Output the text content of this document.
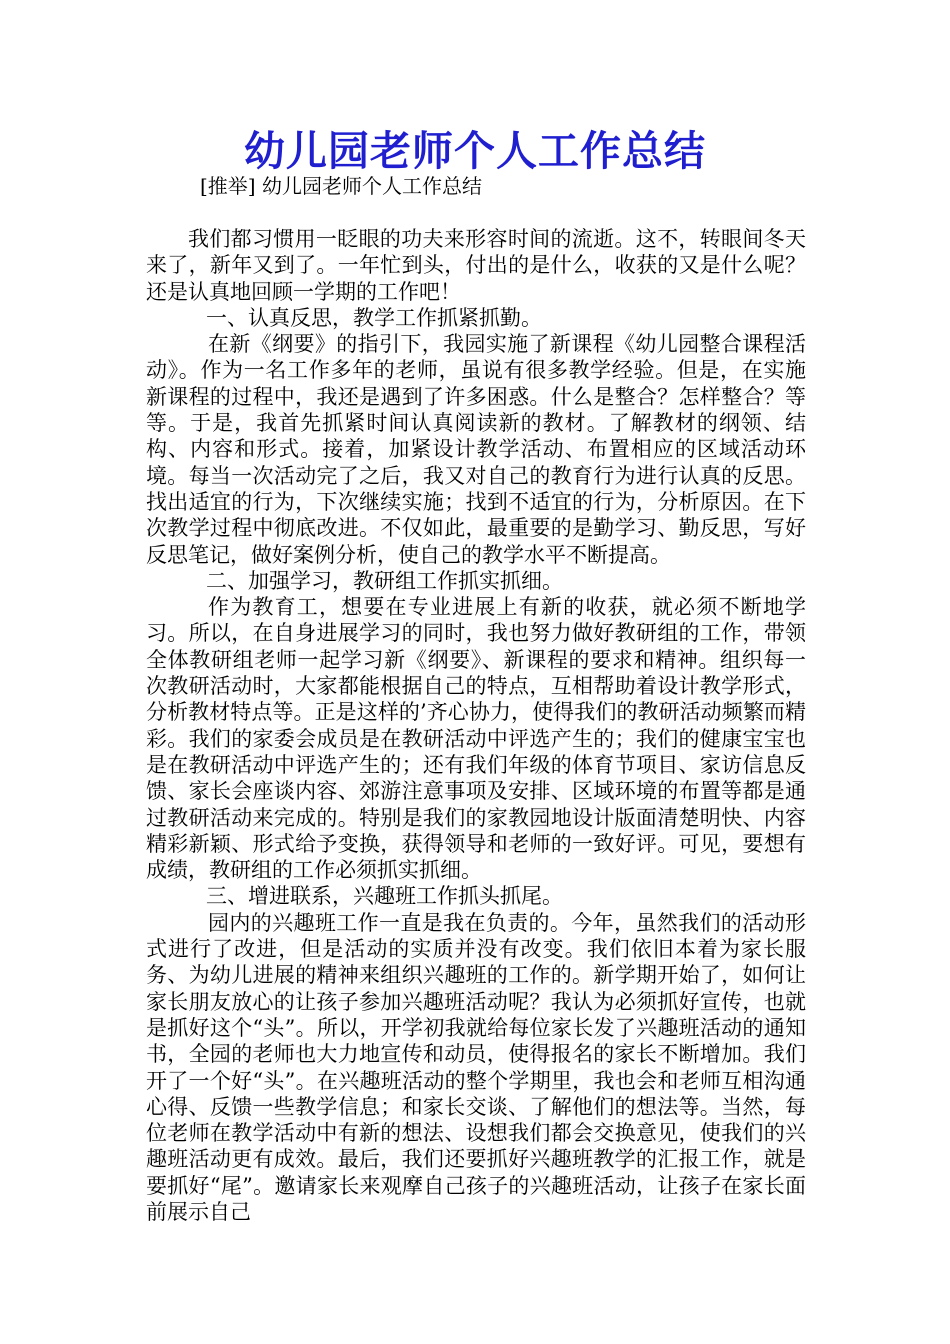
幼儿园老师个人工作总结
[推举] 幼儿园老师个人工作总结

我们都习惯用一眨眼的功夫来形容时间的流逝。这不，转眼间冬天来了，新年又到了。一年忙到头，付出的是什么，收获的又是什么呢？还是认真地回顾一学期的工作吧！

一、认真反思，教学工作抓紧抓勤。

在新《纲要》的指引下，我园实施了新课程《幼儿园整合课程活动》。作为一名工作多年的老师，虽说有很多教学经验。但是，在实施新课程的过程中，我还是遇到了许多困惑。什么是整合？怎样整合？等等。于是，我首先抓紧时间认真阅读新的教材。了解教材的纲领、结构、内容和形式。接着，加紧设计教学活动、布置相应的区域活动环境。每当一次活动完了之后，我又对自己的教育行为进行认真的反思。找出适宜的行为，下次继续实施；找到不适宜的行为，分析原因。在下次教学过程中彻底改进。不仅如此，最重要的是勤学习、勤反思，写好反思笔记，做好案例分析，使自己的教学水平不断提高。

二、加强学习，教研组工作抓实抓细。

作为教育工，想要在专业进展上有新的收获，就必须不断地学习。所以，在自身进展学习的同时，我也努力做好教研组的工作，带领全体教研组老师一起学习新《纲要》、新课程的要求和精神。组织每一次教研活动时，大家都能根据自己的特点，互相帮助着设计教学形式，分析教材特点等。正是这样的’齐心协力，使得我们的教研活动频繁而精彩。我们的家委会成员是在教研活动中评选产生的；我们的健康宝宝也是在教研活动中评选产生的；还有我们年级的体育节项目、家访信息反馈、家长会座谈内容、郊游注意事项及安排、区域环境的布置等都是通过教研活动来完成的。特别是我们的家教园地设计版面清楚明快、内容精彩新颖、形式给予变换，获得领导和老师的一致好评。可见，要想有成绩，教研组的工作必须抓实抓细。

三、增进联系，兴趣班工作抓头抓尾。

园内的兴趣班工作一直是我在负责的。今年，虽然我们的活动形式进行了改进，但是活动的实质并没有改变。我们依旧本着为家长服务、为幼儿进展的精神来组织兴趣班的工作的。新学期开始了，如何让家长朋友放心的让孩子参加兴趣班活动呢？我认为必须抓好宣传，也就是抓好这个“头”。所以，开学初我就给每位家长发了兴趣班活动的通知书，全园的老师也大力地宣传和动员，使得报名的家长不断增加。我们开了一个好“头”。在兴趣班活动的整个学期里，我也会和老师互相沟通心得、反馈一些教学信息；和家长交谈、了解他们的想法等。当然，每位老师在教学活动中有新的想法、设想我们都会交换意见，使我们的兴趣班活动更有成效。最后，我们还要抓好兴趣班教学的汇报工作，就是要抓好“尾”。邀请家长来观摩自己孩子的兴趣班活动，让孩子在家长面前展示自己
